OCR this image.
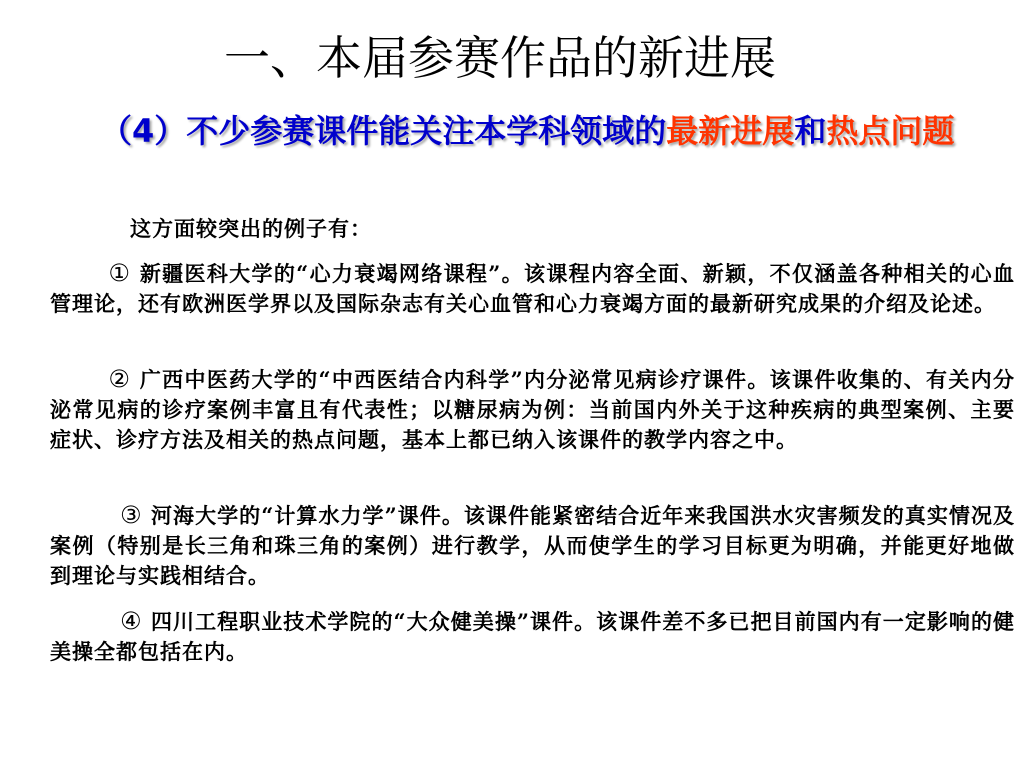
一、本届参赛作品的新进展
（4）不少参赛课件能关注本学科领域的最新进展和热点问题
这方面较突出的例子有：
① 新疆医科大学的“心力衰竭网络课程”。该课程内容全面、新颖，不仅涵盖各种相关的心血管理论，还有欧洲医学界以及国际杂志有关心血管和心力衰竭方面的最新研究成果的介绍及论述。
② 广西中医药大学的“中西医结合内科学”内分泌常见病诊疗课件。该课件收集的、有关内分泌常见病的诊疗案例丰富且有代表性；以糖尿病为例：当前国内外关于这种疾病的典型案例、主要症状、诊疗方法及相关的热点问题，基本上都已纳入该课件的教学内容之中。
③ 河海大学的“计算水力学”课件。该课件能紧密结合近年来我国洪水灾害频发的真实情况及案例（特别是长三角和珠三角的案例）进行教学，从而使学生的学习目标更为明确，并能更好地做到理论与实践相结合。
④ 四川工程职业技术学院的“大众健美操”课件。该课件差不多已把目前国内有一定影响的健美操全都包括在内。
